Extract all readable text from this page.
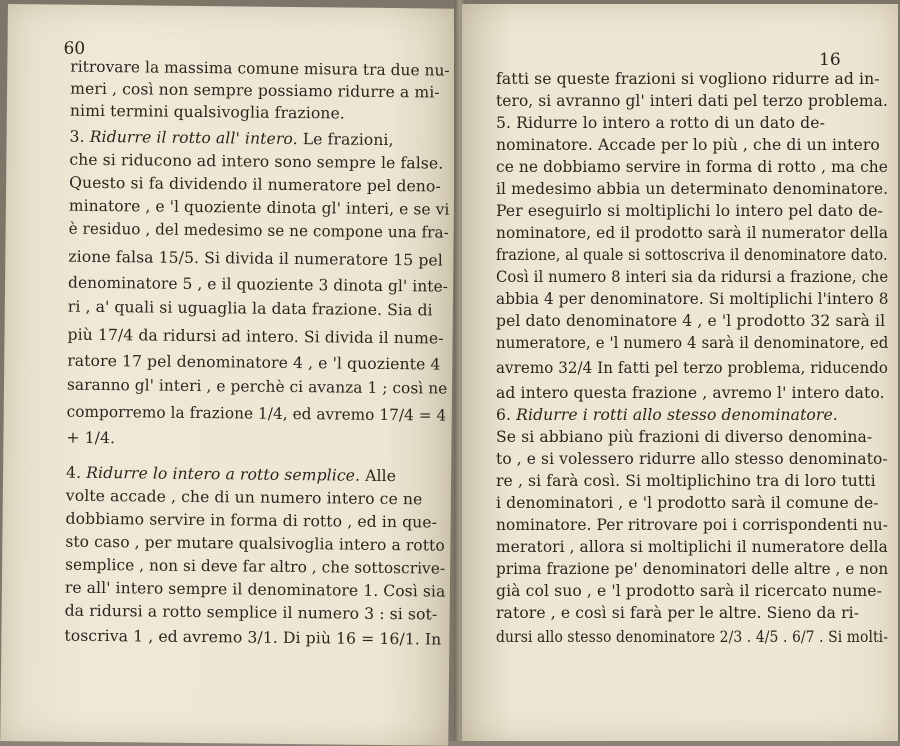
60
ritrovare la massima comune misura tra due nu-
meri , così non sempre possiamo ridurre a mi-
nimi termini qualsivoglia frazione.
3. Ridurre il rotto all' intero. Le frazioni,
che si riducono ad intero sono sempre le false.
Questo si fa dividendo il numeratore pel deno-
minatore , e 'l quoziente dinota gl' interi, e se vi
è residuo , del medesimo se ne compone una fra-
zione falsa 15/5. Si divida il numeratore 15 pel
denominatore 5 , e il quoziente 3 dinota gl' inte-
ri , a' quali si uguaglia la data frazione. Sia di
più 17/4 da ridursi ad intero. Si divida il nume-
ratore 17 pel denominatore 4 , e 'l quoziente 4
saranno gl' interi , e perchè ci avanza 1 ; così ne
comporremo la frazione 1/4, ed avremo 17/4 = 4
+ 1/4.
4. Ridurre lo intero a rotto semplice. Alle
volte accade , che di un numero intero ce ne
dobbiamo servire in forma di rotto , ed in que-
sto caso , per mutare qualsivoglia intero a rotto
semplice , non si deve far altro , che sottoscrive-
re all' intero sempre il denominatore 1. Così sia
da ridursi a rotto semplice il numero 3 : si sot-
toscriva 1 , ed avremo 3/1. Di più 16 = 16/1. In
16
fatti se queste frazioni si vogliono ridurre ad in-
tero, si avranno gl' interi dati pel terzo problema.
5. Ridurre lo intero a rotto di un dato de-
nominatore. Accade per lo più , che di un intero
ce ne dobbiamo servire in forma di rotto , ma che
il medesimo abbia un determinato denominatore.
Per eseguirlo si moltiplichi lo intero pel dato de-
nominatore, ed il prodotto sarà il numerator della
frazione, al quale si sottoscriva il denominatore dato.
Così il numero 8 interi sia da ridursi a frazione, che
abbia 4 per denominatore. Si moltiplichi l'intero 8
pel dato denominatore 4 , e 'l prodotto 32 sarà il
numeratore, e 'l numero 4 sarà il denominatore, ed
avremo 32/4 In fatti pel terzo problema, riducendo
ad intero questa frazione , avremo l' intero dato.
6. Ridurre i rotti allo stesso denominatore.
Se si abbiano più frazioni di diverso denomina-
to , e si volessero ridurre allo stesso denominato-
re , si farà così. Si moltiplichino tra di loro tutti
i denominatori , e 'l prodotto sarà il comune de-
nominatore. Per ritrovare poi i corrispondenti nu-
meratori , allora si moltiplichi il numeratore della
prima frazione pe' denominatori delle altre , e non
già col suo , e 'l prodotto sarà il ricercato nume-
ratore , e così si farà per le altre. Sieno da ri-
dursi allo stesso denominatore 2/3 . 4/5 . 6/7 . Si molti-
